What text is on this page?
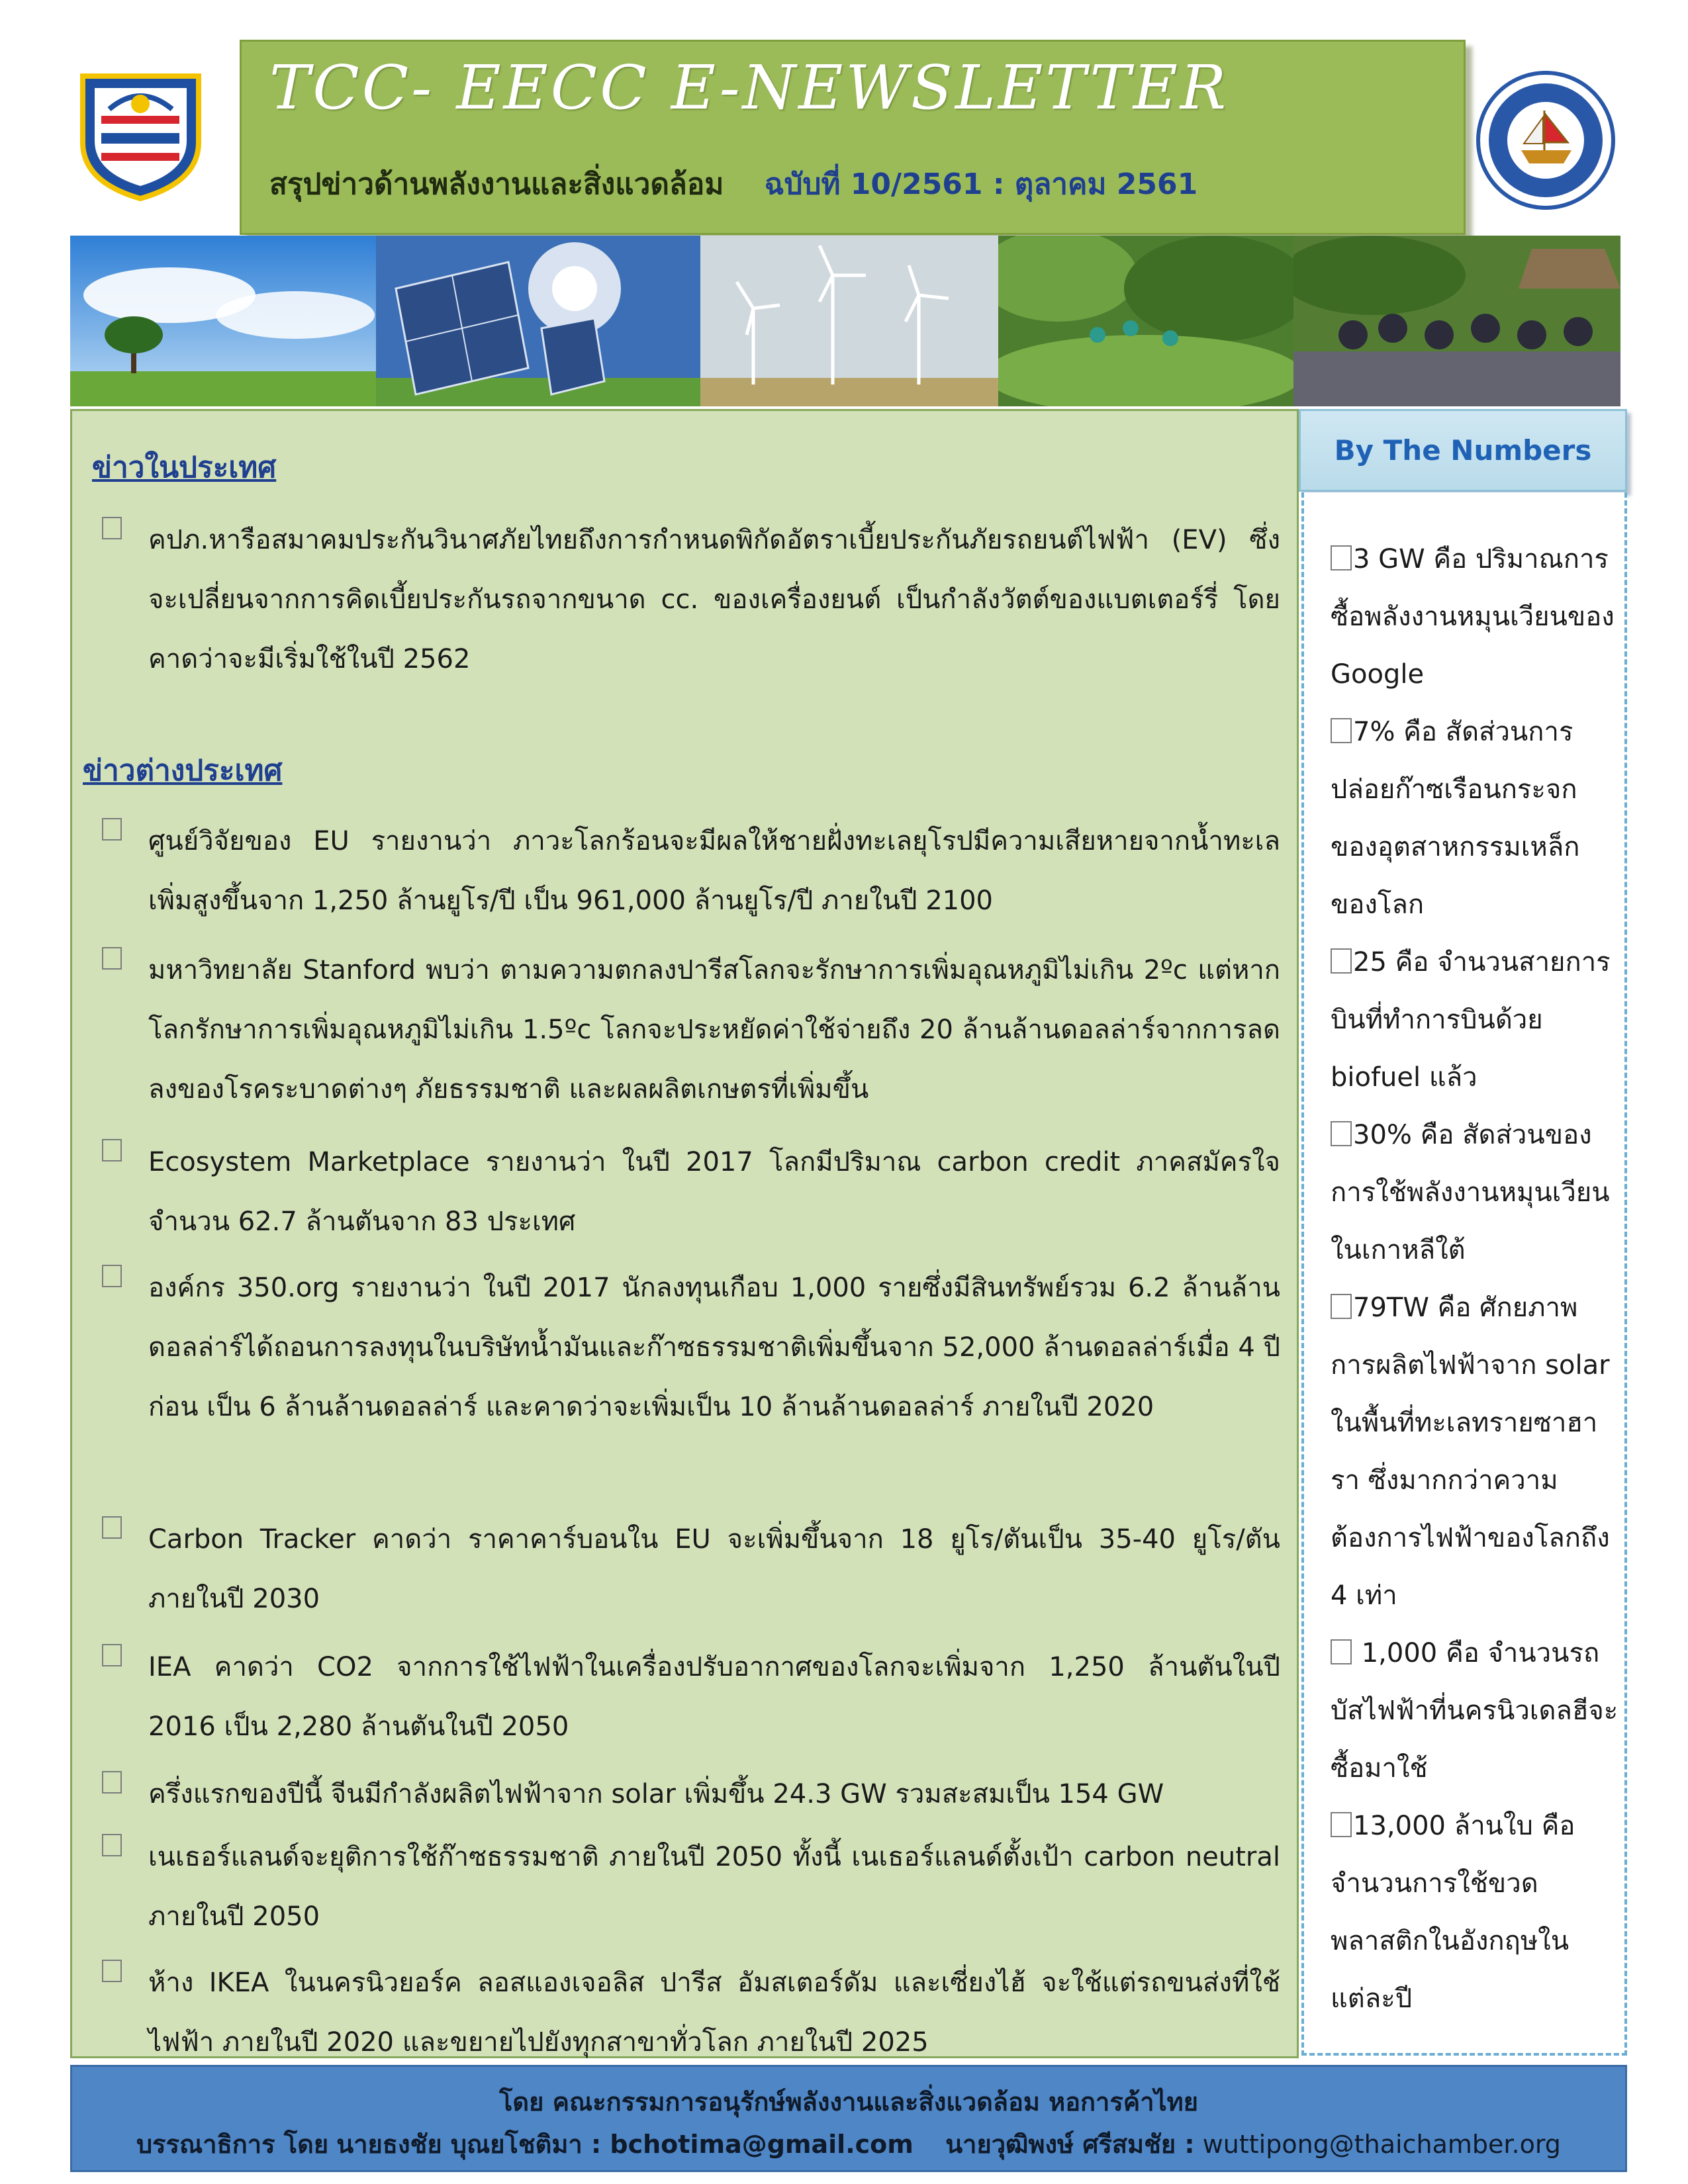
TCC- EECC E-NEWSLETTER
สรุปข่าวด้านพลังงานและสิ่งแวดล้อม ฉบับที่ 10/2561 : ตุลาคม 2561
ข่าวในประเทศ

คปภ.หารือสมาคมประกันวินาศภัยไทยถึงการกำหนดพิกัดอัตราเบี้ยประกันภัยรถยนต์ไฟฟ้า (EV) ซึ่งจะเปลี่ยนจากการคิดเบี้ยประกันรถจากขนาด cc. ของเครื่องยนต์ เป็นกำลังวัตต์ของแบตเตอร์รี่ โดยคาดว่าจะมีเริ่มใช้ในปี 2562

ข่าวต่างประเทศ

ศูนย์วิจัยของ EU รายงานว่า ภาวะโลกร้อนจะมีผลให้ชายฝั่งทะเลยุโรปมีความเสียหายจากน้ำทะเลเพิ่มสูงขึ้นจาก 1,250 ล้านยูโร/ปี เป็น 961,000 ล้านยูโร/ปี ภายในปี 2100

มหาวิทยาลัย Stanford พบว่า ตามความตกลงปารีสโลกจะรักษาการเพิ่มอุณหภูมิไม่เกิน 2ºc แต่หากโลกรักษาการเพิ่มอุณหภูมิไม่เกิน 1.5ºc โลกจะประหยัดค่าใช้จ่ายถึง 20 ล้านล้านดอลล่าร์จากการลดลงของโรคระบาดต่างๆ ภัยธรรมชาติ และผลผลิตเกษตรที่เพิ่มขึ้น

Ecosystem Marketplace รายงานว่า ในปี 2017 โลกมีปริมาณ carbon credit ภาคสมัครใจจำนวน 62.7 ล้านตันจาก 83 ประเทศ

องค์กร 350.org รายงานว่า ในปี 2017 นักลงทุนเกือบ 1,000 รายซึ่งมีสินทรัพย์รวม 6.2 ล้านล้านดอลล่าร์ได้ถอนการลงทุนในบริษัทน้ำมันและก๊าซธรรมชาติเพิ่มขึ้นจาก 52,000 ล้านดอลล่าร์เมื่อ 4 ปีก่อน เป็น 6 ล้านล้านดอลล่าร์ และคาดว่าจะเพิ่มเป็น 10 ล้านล้านดอลล่าร์ ภายในปี 2020

Carbon Tracker คาดว่า ราคาคาร์บอนใน EU จะเพิ่มขึ้นจาก 18 ยูโร/ตันเป็น 35-40 ยูโร/ตัน ภายในปี 2030

IEA คาดว่า CO2 จากการใช้ไฟฟ้าในเครื่องปรับอากาศของโลกจะเพิ่มจาก 1,250 ล้านตันในปี 2016 เป็น 2,280 ล้านตันในปี 2050

ครึ่งแรกของปีนี้ จีนมีกำลังผลิตไฟฟ้าจาก solar เพิ่มขึ้น 24.3 GW รวมสะสมเป็น 154 GW

เนเธอร์แลนด์จะยุติการใช้ก๊าซธรรมชาติ ภายในปี 2050 ทั้งนี้ เนเธอร์แลนด์ตั้งเป้า carbon neutral ภายในปี 2050

ห้าง IKEA ในนครนิวยอร์ค ลอสแองเจอลิส ปารีส อัมสเตอร์ดัม และเซี่ยงไฮ้ จะใช้แต่รถขนส่งที่ใช้ไฟฟ้า ภายในปี 2020 และขยายไปยังทุกสาขาทั่วโลก ภายในปี 2025

By The Numbers

3 GW คือ ปริมาณการซื้อพลังงานหมุนเวียนของ Google

7% คือ สัดส่วนการปล่อยก๊าซเรือนกระจกของอุตสาหกรรมเหล็กของโลก

25 คือ จำนวนสายการบินที่ทำการบินด้วย biofuel แล้ว

30% คือ สัดส่วนของการใช้พลังงานหมุนเวียนในเกาหลีใต้

79TW คือ ศักยภาพการผลิตไฟฟ้าจาก solar ในพื้นที่ทะเลทรายซาฮารา ซึ่งมากกว่าความต้องการไฟฟ้าของโลกถึง 4 เท่า

1,000 คือ จำนวนรถบัสไฟฟ้าที่นครนิวเดลฮีจะซื้อมาใช้

13,000 ล้านใบ คือ จำนวนการใช้ขวดพลาสติกในอังกฤษในแต่ละปี

โดย คณะกรรมการอนุรักษ์พลังงานและสิ่งแวดล้อม หอการค้าไทย
บรรณาธิการ โดย นายธงชัย บุณยโชติมา : bchotima@gmail.com นายวุฒิพงษ์ ศรีสมชัย : wuttipong@thaichamber.org
